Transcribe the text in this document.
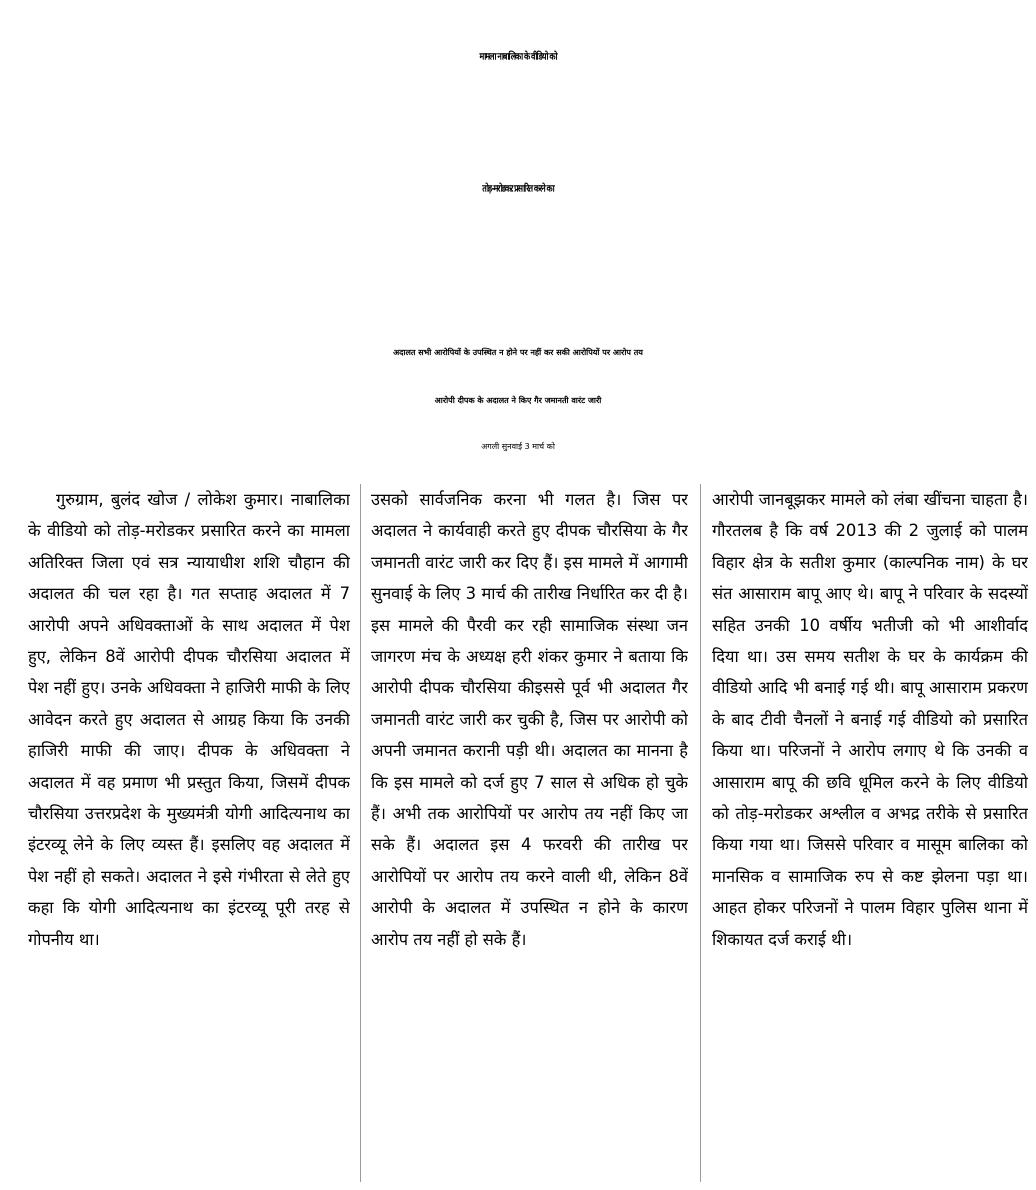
मामला नाबालिका के वीडियो को
तोड़-मरोडकऱ प्रसारित करने का
अदालत सभी आरोपियों के उपस्थित न होने पर नहीं कर सकी आरोपियों पर आरोप तय
आरोपी दीपक के अदालत ने किए गैर जमानती वारंट जारी
अगली सुनवाई 3 मार्च को
गुरुग्राम, बुलंद खोज / लोकेश कुमार। नाबालिका के वीडियो को तोड़-मरोडकर प्रसारित करने का मामला अतिरिक्त जिला एवं सत्र न्यायाधीश शशि चौहान की अदालत की चल रहा है। गत सप्ताह अदालत में 7 आरोपी अपने अधिवक्ताओं के साथ अदालत में पेश हुए, लेकिन 8वें आरोपी दीपक चौरसिया अदालत में पेश नहीं हुए। उनके अधिवक्ता ने हाजिरी माफी के लिए आवेदन करते हुए अदालत से आग्रह किया कि उनकी हाजिरी माफी की जाए। दीपक के अधिवक्ता ने अदालत में वह प्रमाण भी प्रस्तुत किया, जिसमें दीपक चौरसिया उत्तरप्रदेश के मुख्यमंत्री योगी आदित्यनाथ का इंटरव्यू लेने के लिए व्यस्त हैं। इसलिए वह अदालत में पेश नहीं हो सकते। अदालत ने इसे गंभीरता से लेते हुए कहा कि योगी आदित्यनाथ का इंटरव्यू पूरी तरह से गोपनीय था।
उसको सार्वजनिक करना भी गलत है। जिस पर अदालत ने कार्यवाही करते हुए दीपक चौरसिया के गैर जमानती वारंट जारी कर दिए हैं। इस मामले में आगामी सुनवाई के लिए 3 मार्च की तारीख निर्धारित कर दी है। इस मामले की पैरवी कर रही सामाजिक संस्था जन जागरण मंच के अध्यक्ष हरी शंकर कुमार ने बताया कि आरोपी दीपक चौरसिया कीइससे पूर्व भी अदालत गैर जमानती वारंट जारी कर चुकी है, जिस पर आरोपी को अपनी जमानत करानी पड़ी थी। अदालत का मानना है कि इस मामले को दर्ज हुए 7 साल से अधिक हो चुके हैं। अभी तक आरोपियों पर आरोप तय नहीं किए जा सके हैं। अदालत इस 4 फरवरी की तारीख पर आरोपियों पर आरोप तय करने वाली थी, लेकिन 8वें आरोपी के अदालत में उपस्थित न होने के कारण आरोप तय नहीं हो सके हैं।
आरोपी जानबूझकर मामले को लंबा खींचना चाहता है। गौरतलब है कि वर्ष 2013 की 2 जुलाई को पालम विहार क्षेत्र के सतीश कुमार (काल्पनिक नाम) के घर संत आसाराम बापू आए थे। बापू ने परिवार के सदस्यों सहित उनकी 10 वर्षीय भतीजी को भी आशीर्वाद दिया था। उस समय सतीश के घर के कार्यक्रम की वीडियो आदि भी बनाई गई थी। बापू आसाराम प्रकरण के बाद टीवी चैनलों ने बनाई गई वीडियो को प्रसारित किया था। परिजनों ने आरोप लगाए थे कि उनकी व आसाराम बापू की छवि धूमिल करने के लिए वीडियो को तोड़-मरोडकर अश्लील व अभद्र तरीके से प्रसारित किया गया था। जिससे परिवार व मासूम बालिका को मानसिक व सामाजिक रुप से कष्ट झेलना पड़ा था। आहत होकर परिजनों ने पालम विहार पुलिस थाना में शिकायत दर्ज कराई थी।
